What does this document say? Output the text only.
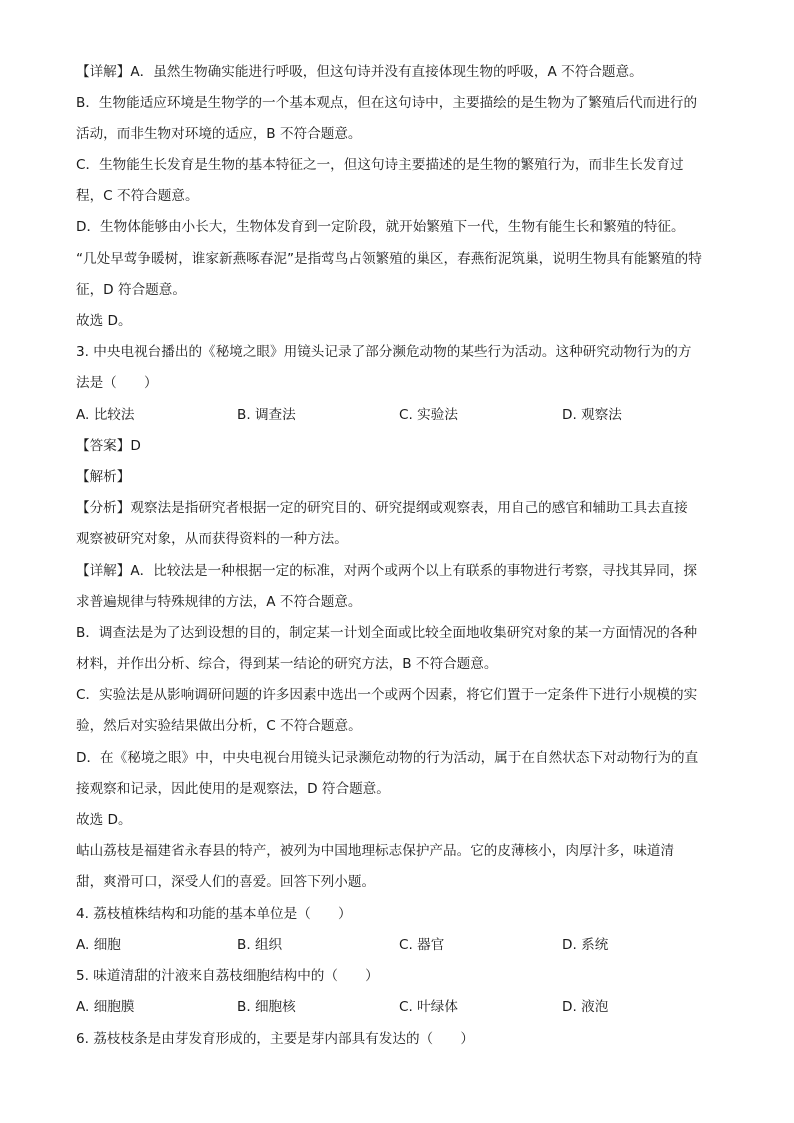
【详解】A．虽然生物确实能进行呼吸，但这句诗并没有直接体现生物的呼吸，A 不符合题意。
B．生物能适应环境是生物学的一个基本观点，但在这句诗中，主要描绘的是生物为了繁殖后代而进行的
活动，而非生物对环境的适应，B 不符合题意。
C．生物能生长发育是生物的基本特征之一，但这句诗主要描述的是生物的繁殖行为，而非生长发育过
程，C 不符合题意。
D．生物体能够由小长大，生物体发育到一定阶段，就开始繁殖下一代，生物有能生长和繁殖的特征。
“几处早莺争暖树，谁家新燕啄春泥”是指莺鸟占领繁殖的巢区，春燕衔泥筑巢，说明生物具有能繁殖的特
征，D 符合题意。
故选 D。
3. 中央电视台播出的《秘境之眼》用镜头记录了部分濒危动物的某些行为活动。这种研究动物行为的方
法是（　　）
A. 比较法	B. 调查法	C. 实验法	D. 观察法
【答案】D
【解析】
【分析】观察法是指研究者根据一定的研究目的、研究提纲或观察表，用自己的感官和辅助工具去直接
观察被研究对象，从而获得资料的一种方法。
【详解】A．比较法是一种根据一定的标准，对两个或两个以上有联系的事物进行考察，寻找其异同，探
求普遍规律与特殊规律的方法，A 不符合题意。
B．调查法是为了达到设想的目的，制定某一计划全面或比较全面地收集研究对象的某一方面情况的各种
材料，并作出分析、综合，得到某一结论的研究方法，B 不符合题意。
C．实验法是从影响调研问题的许多因素中选出一个或两个因素，将它们置于一定条件下进行小规模的实
验，然后对实验结果做出分析，C 不符合题意。
D．在《秘境之眼》中，中央电视台用镜头记录濒危动物的行为活动，属于在自然状态下对动物行为的直
接观察和记录，因此使用的是观察法，D 符合题意。
故选 D。
岵山荔枝是福建省永春县的特产，被列为中国地理标志保护产品。它的皮薄核小，肉厚汁多，味道清
甜，爽滑可口，深受人们的喜爱。回答下列小题。
4. 荔枝植株结构和功能的基本单位是（　　）
A. 细胞	B. 组织	C. 器官	D. 系统
5. 味道清甜的汁液来自荔枝细胞结构中的（　　）
A. 细胞膜	B. 细胞核	C. 叶绿体	D. 液泡
6. 荔枝枝条是由芽发育形成的，主要是芽内部具有发达的（　　）
